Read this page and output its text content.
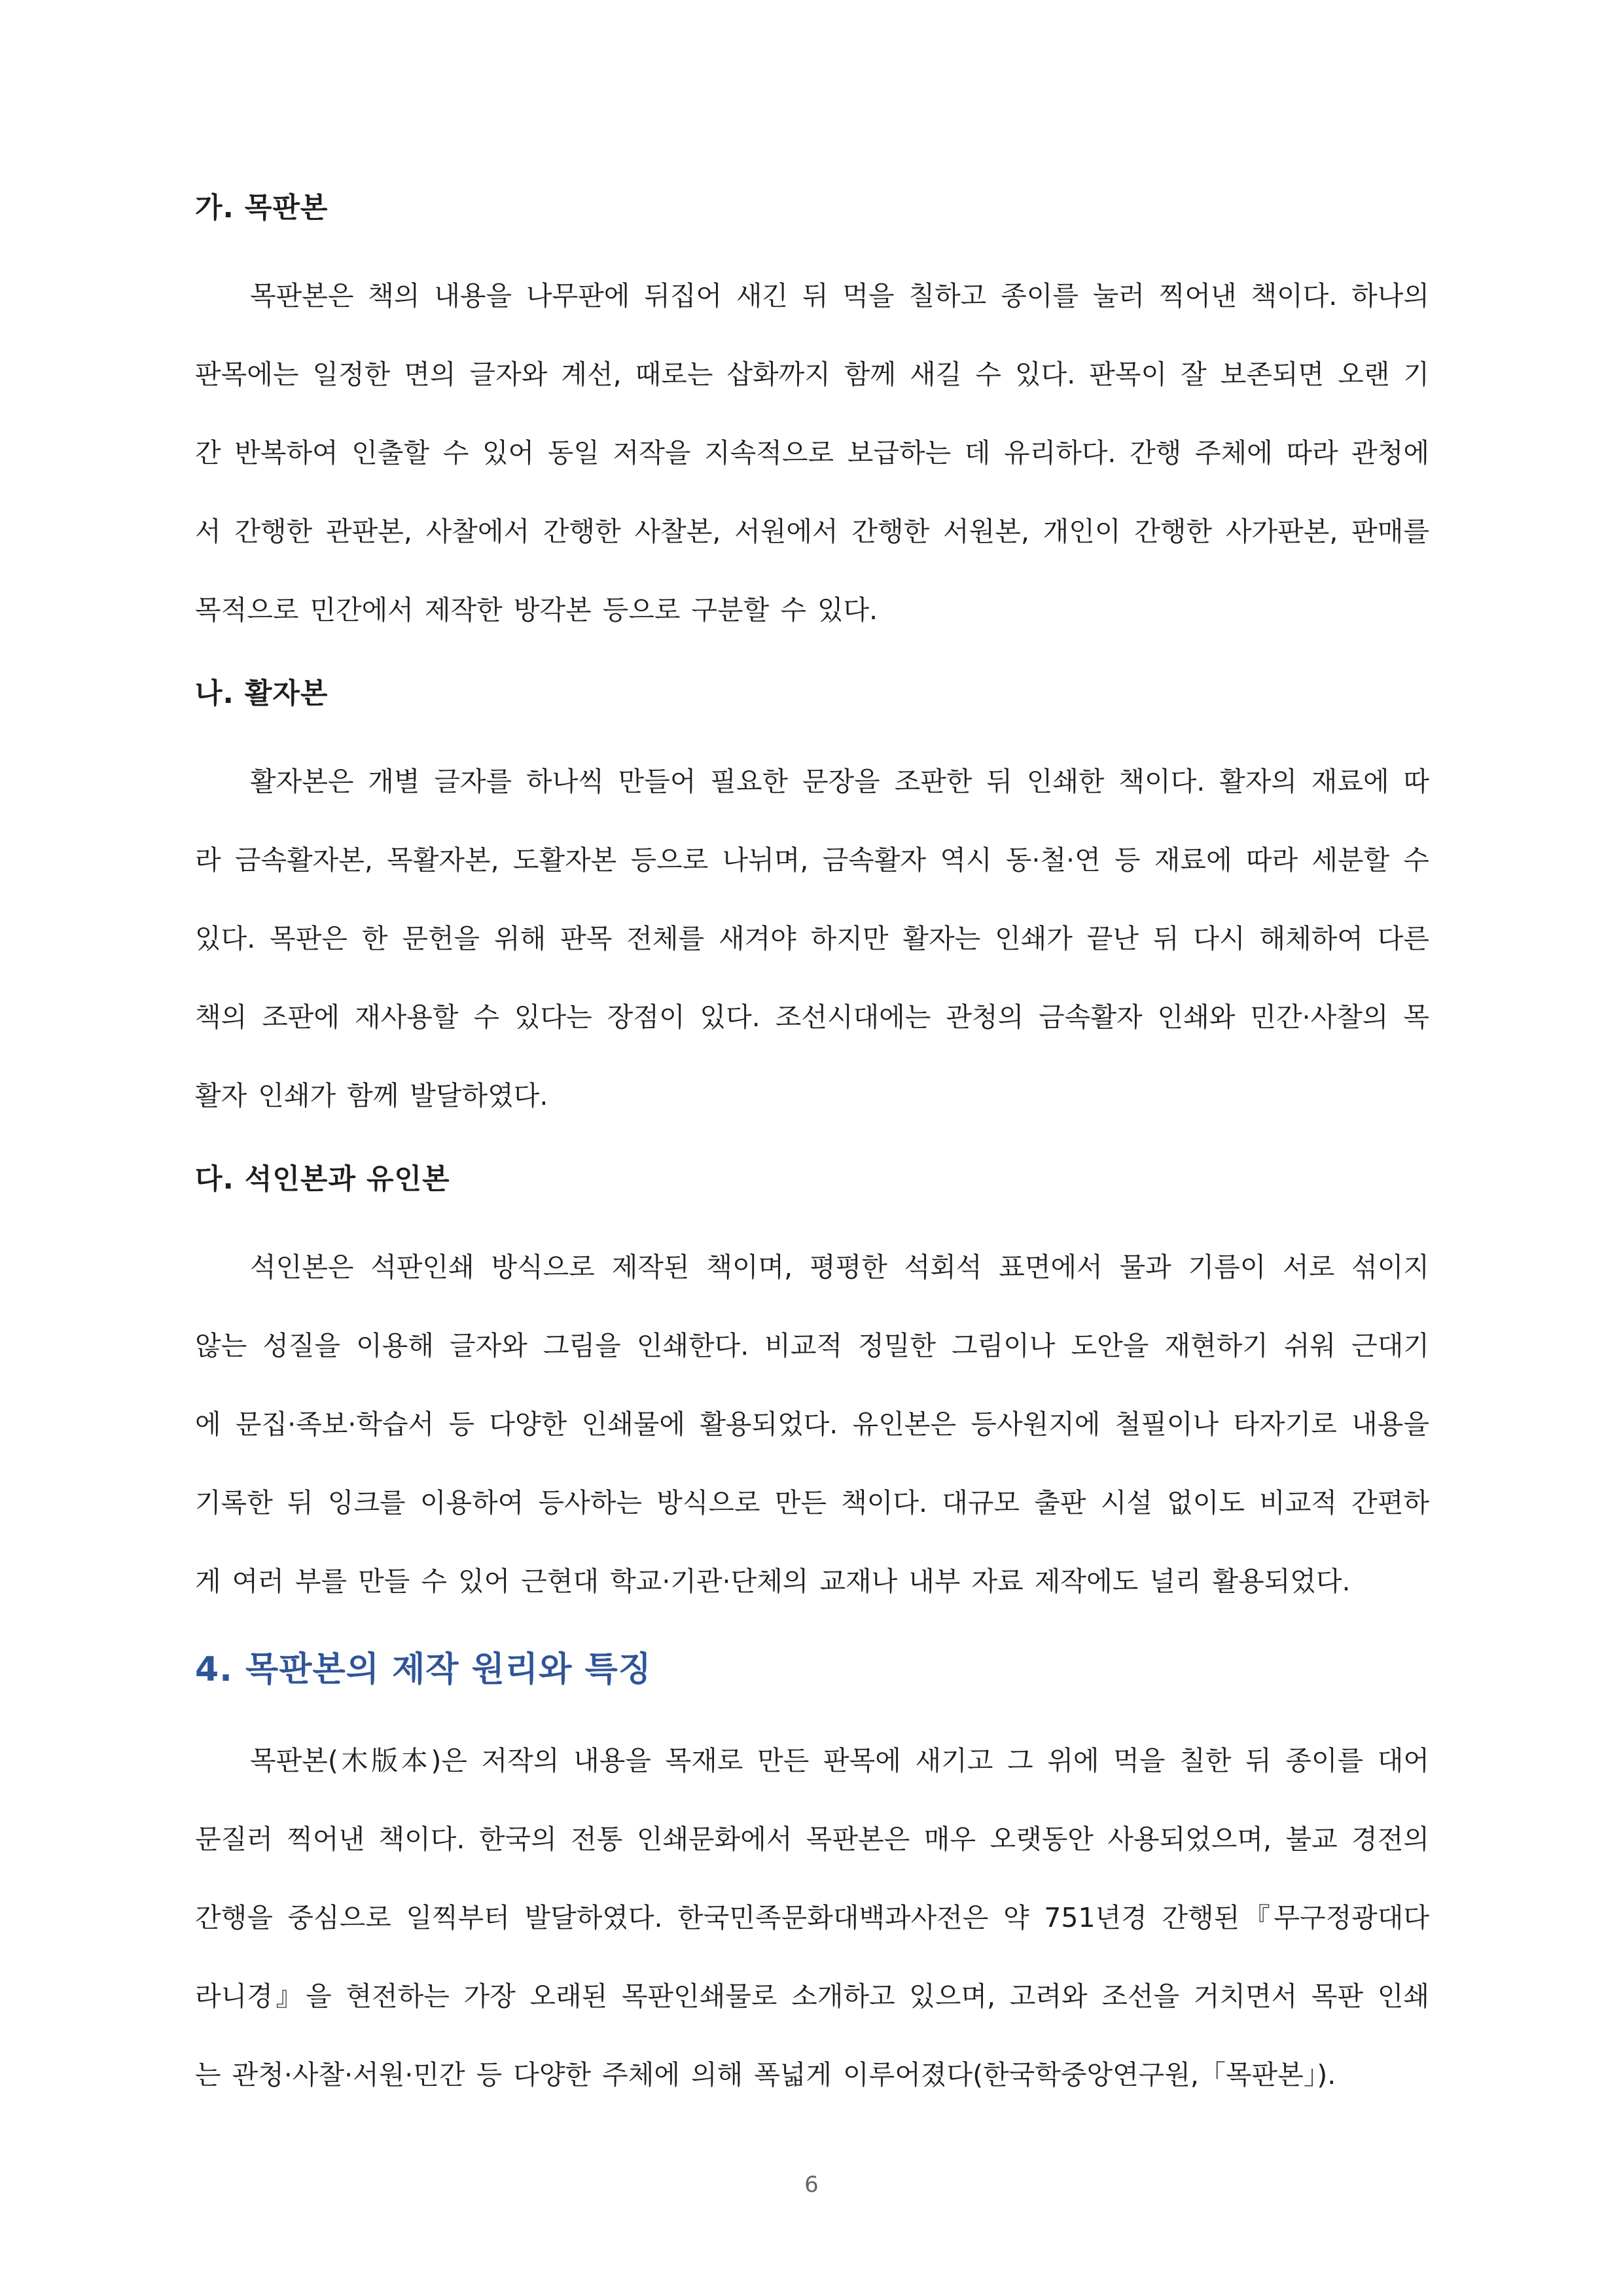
가. 목판본
목판본은 책의 내용을 나무판에 뒤집어 새긴 뒤 먹을 칠하고 종이를 눌러 찍어낸 책이다. 하나의
판목에는 일정한 면의 글자와 계선, 때로는 삽화까지 함께 새길 수 있다. 판목이 잘 보존되면 오랜 기
간 반복하여 인출할 수 있어 동일 저작을 지속적으로 보급하는 데 유리하다. 간행 주체에 따라 관청에
서 간행한 관판본, 사찰에서 간행한 사찰본, 서원에서 간행한 서원본, 개인이 간행한 사가판본, 판매를
목적으로 민간에서 제작한 방각본 등으로 구분할 수 있다.
나. 활자본
활자본은 개별 글자를 하나씩 만들어 필요한 문장을 조판한 뒤 인쇄한 책이다. 활자의 재료에 따
라 금속활자본, 목활자본, 도활자본 등으로 나뉘며, 금속활자 역시 동·철·연 등 재료에 따라 세분할 수
있다. 목판은 한 문헌을 위해 판목 전체를 새겨야 하지만 활자는 인쇄가 끝난 뒤 다시 해체하여 다른
책의 조판에 재사용할 수 있다는 장점이 있다. 조선시대에는 관청의 금속활자 인쇄와 민간·사찰의 목
활자 인쇄가 함께 발달하였다.
다. 석인본과 유인본
석인본은 석판인쇄 방식으로 제작된 책이며, 평평한 석회석 표면에서 물과 기름이 서로 섞이지
않는 성질을 이용해 글자와 그림을 인쇄한다. 비교적 정밀한 그림이나 도안을 재현하기 쉬워 근대기
에 문집·족보·학습서 등 다양한 인쇄물에 활용되었다. 유인본은 등사원지에 철필이나 타자기로 내용을
기록한 뒤 잉크를 이용하여 등사하는 방식으로 만든 책이다. 대규모 출판 시설 없이도 비교적 간편하
게 여러 부를 만들 수 있어 근현대 학교·기관·단체의 교재나 내부 자료 제작에도 널리 활용되었다.
4. 목판본의 제작 원리와 특징
목판본(木版本)은 저작의 내용을 목재로 만든 판목에 새기고 그 위에 먹을 칠한 뒤 종이를 대어
문질러 찍어낸 책이다. 한국의 전통 인쇄문화에서 목판본은 매우 오랫동안 사용되었으며, 불교 경전의
간행을 중심으로 일찍부터 발달하였다. 한국민족문화대백과사전은 약 751년경 간행된『무구정광대다
라니경』을 현전하는 가장 오래된 목판인쇄물로 소개하고 있으며, 고려와 조선을 거치면서 목판 인쇄
는 관청·사찰·서원·민간 등 다양한 주체에 의해 폭넓게 이루어졌다(한국학중앙연구원,「목판본」).
6
